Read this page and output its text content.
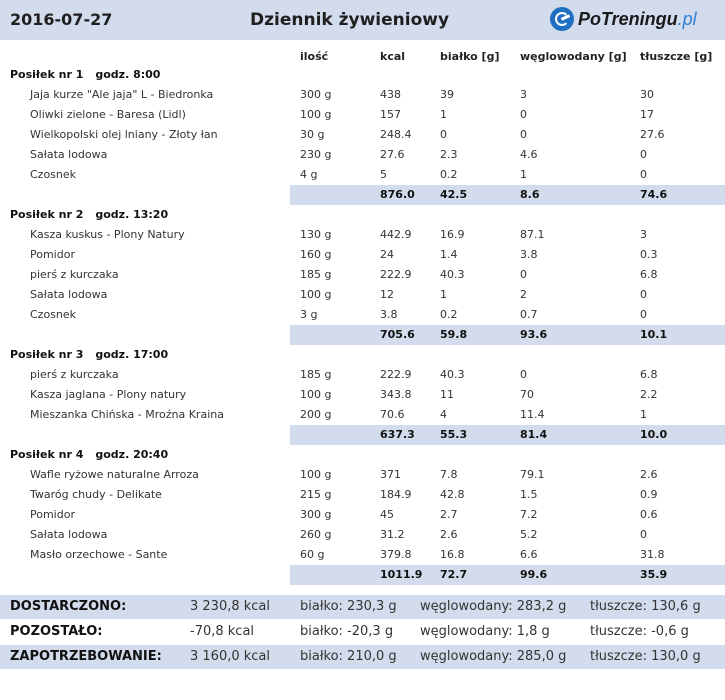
2016-07-27	Dziennik żywieniowy	PoTreningu.pl
ilość	kcal	białko [g] węglowodany [g] tłuszcze [g]
Posiłek nr 1 godz. 8:00
Jaja kurze "Ale jaja" L - Biedronka	300 g	438	39	3	30
Oliwki zielone - Baresa (Lidl)	100 g	157	1	0	17
Wielkopolski olej lniany - Złoty łan	30 g	248.4	0	0	27.6
Sałata lodowa	230 g	27.6	2.3	4.6	0
Czosnek	4 g	5	0.2	1	0
876.0 42.5	8.6	74.6
Posiłek nr 2 godz. 13:20
Kasza kuskus - Plony Natury	130 g	442.9	16.9	87.1	3
Pomidor	160 g	24	1.4	3.8	0.3
pierś z kurczaka	185 g	222.9	40.3	0	6.8
Sałata lodowa	100 g	12	1	2	0
Czosnek	3 g	3.8	0.2	0.7	0
705.6 59.8	93.6	10.1
Posiłek nr 3 godz. 17:00
pierś z kurczaka	185 g	222.9	40.3	0	6.8
Kasza jaglana - Plony natury	100 g	343.8	11	70	2.2
Mieszanka Chińska - Mroźna Kraina	200 g	70.6	4	11.4	1
637.3 55.3	81.4	10.0
Posiłek nr 4 godz. 20:40
Wafle ryżowe naturalne Arroza	100 g	371	7.8	79.1	2.6
Twaróg chudy - Delikate	215 g	184.9	42.8	1.5	0.9
Pomidor	300 g	45	2.7	7.2	0.6
Sałata lodowa	260 g	31.2	2.6	5.2	0
Masło orzechowe - Sante	60 g	379.8	16.8	6.6	31.8
1011.9 72.7	99.6	35.9
DOSTARCZONO:	3 230,8 kcal białko: 230,3 g węglowodany: 283,2 g tłuszcze: 130,6 g
POZOSTAŁO:	-70,8 kcal	białko: -20,3 g węglowodany: 1,8 g	tłuszcze: -0,6 g
ZAPOTRZEBOWANIE: 3 160,0 kcal białko: 210,0 g węglowodany: 285,0 g tłuszcze: 130,0 g
